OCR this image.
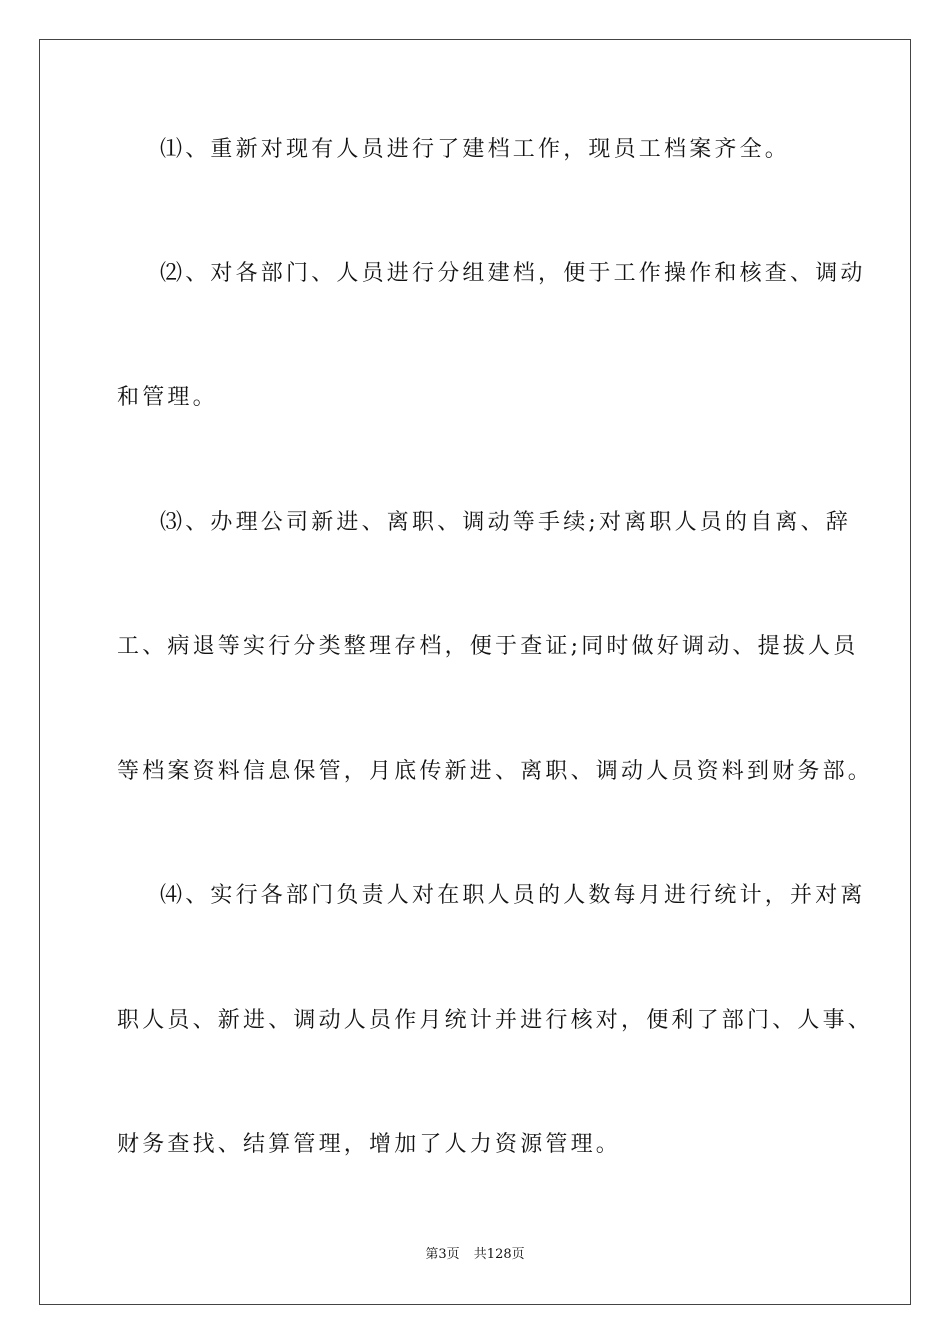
⑴、重新对现有人员进行了建档工作，现员工档案齐全。

⑵、对各部门、人员进行分组建档，便于工作操作和核查、调动

和管理。

⑶、办理公司新进、离职、调动等手续;对离职人员的自离、辞

工、病退等实行分类整理存档，便于查证;同时做好调动、提拔人员

等档案资料信息保管，月底传新进、离职、调动人员资料到财务部。

⑷、实行各部门负责人对在职人员的人数每月进行统计，并对离

职人员、新进、调动人员作月统计并进行核对，便利了部门、人事、

财务查找、结算管理，增加了人力资源管理。

第3页 共128页
